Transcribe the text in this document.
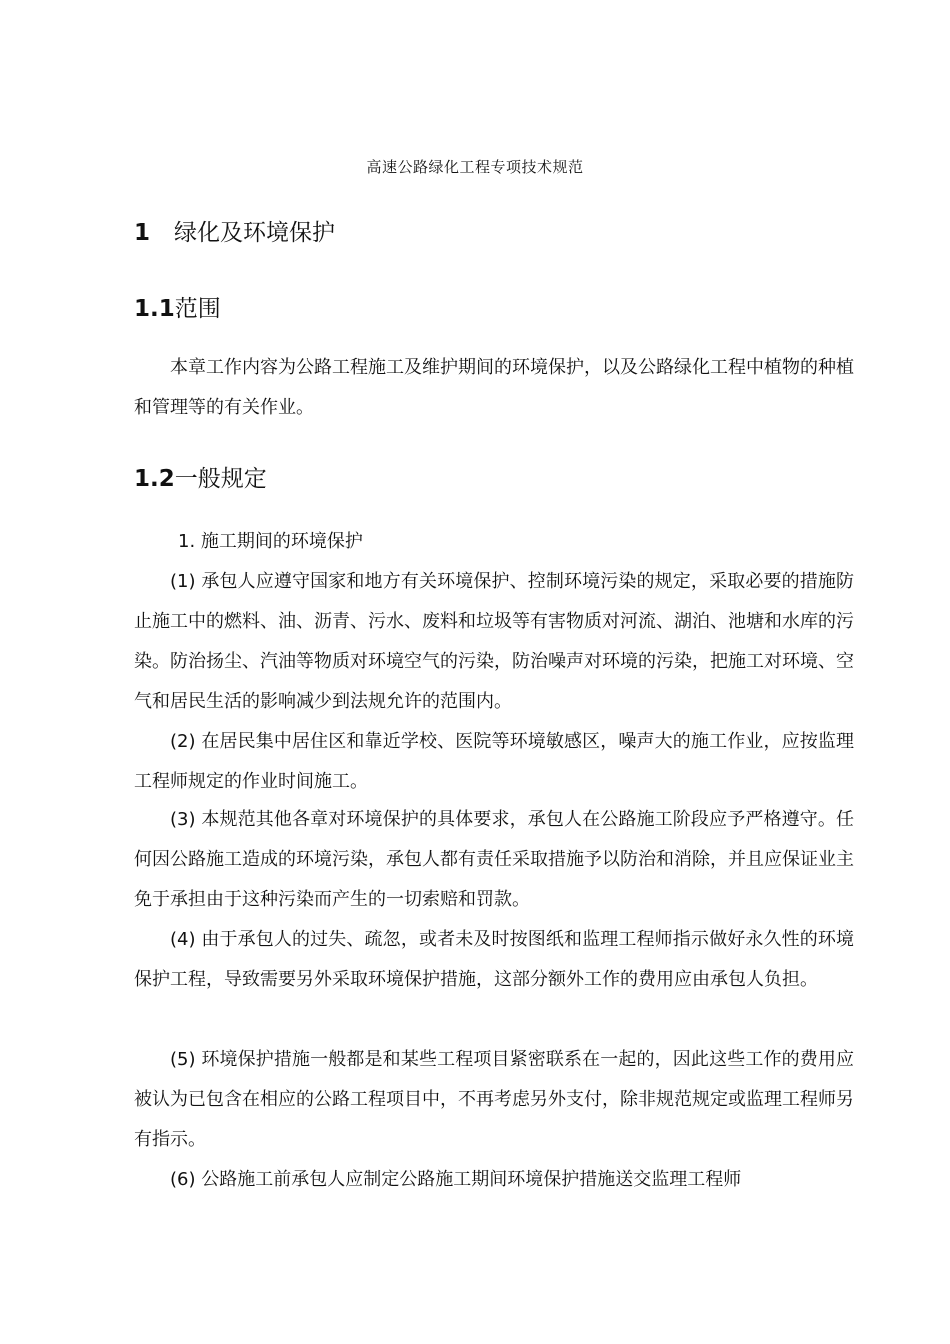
高速公路绿化工程专项技术规范
1 绿化及环境保护
1.1范围
本章工作内容为公路工程施工及维护期间的环境保护，以及公路绿化工程中植物的种植和管理等的有关作业。
1.2一般规定
1. 施工期间的环境保护
(1) 承包人应遵守国家和地方有关环境保护、控制环境污染的规定，采取必要的措施防止施工中的燃料、油、沥青、污水、废料和垃圾等有害物质对河流、湖泊、池塘和水库的污染。防治扬尘、汽油等物质对环境空气的污染，防治噪声对环境的污染，把施工对环境、空气和居民生活的影响减少到法规允许的范围内。
(2) 在居民集中居住区和靠近学校、医院等环境敏感区，噪声大的施工作业，应按监理工程师规定的作业时间施工。
(3) 本规范其他各章对环境保护的具体要求，承包人在公路施工阶段应予严格遵守。任何因公路施工造成的环境污染，承包人都有责任采取措施予以防治和消除，并且应保证业主免于承担由于这种污染而产生的一切索赔和罚款。
(4) 由于承包人的过失、疏忽，或者未及时按图纸和监理工程师指示做好永久性的环境保护工程，导致需要另外采取环境保护措施，这部分额外工作的费用应由承包人负担。
(5) 环境保护措施一般都是和某些工程项目紧密联系在一起的，因此这些工作的费用应被认为已包含在相应的公路工程项目中，不再考虑另外支付，除非规范规定或监理工程师另有指示。
(6) 公路施工前承包人应制定公路施工期间环境保护措施送交监理工程师
